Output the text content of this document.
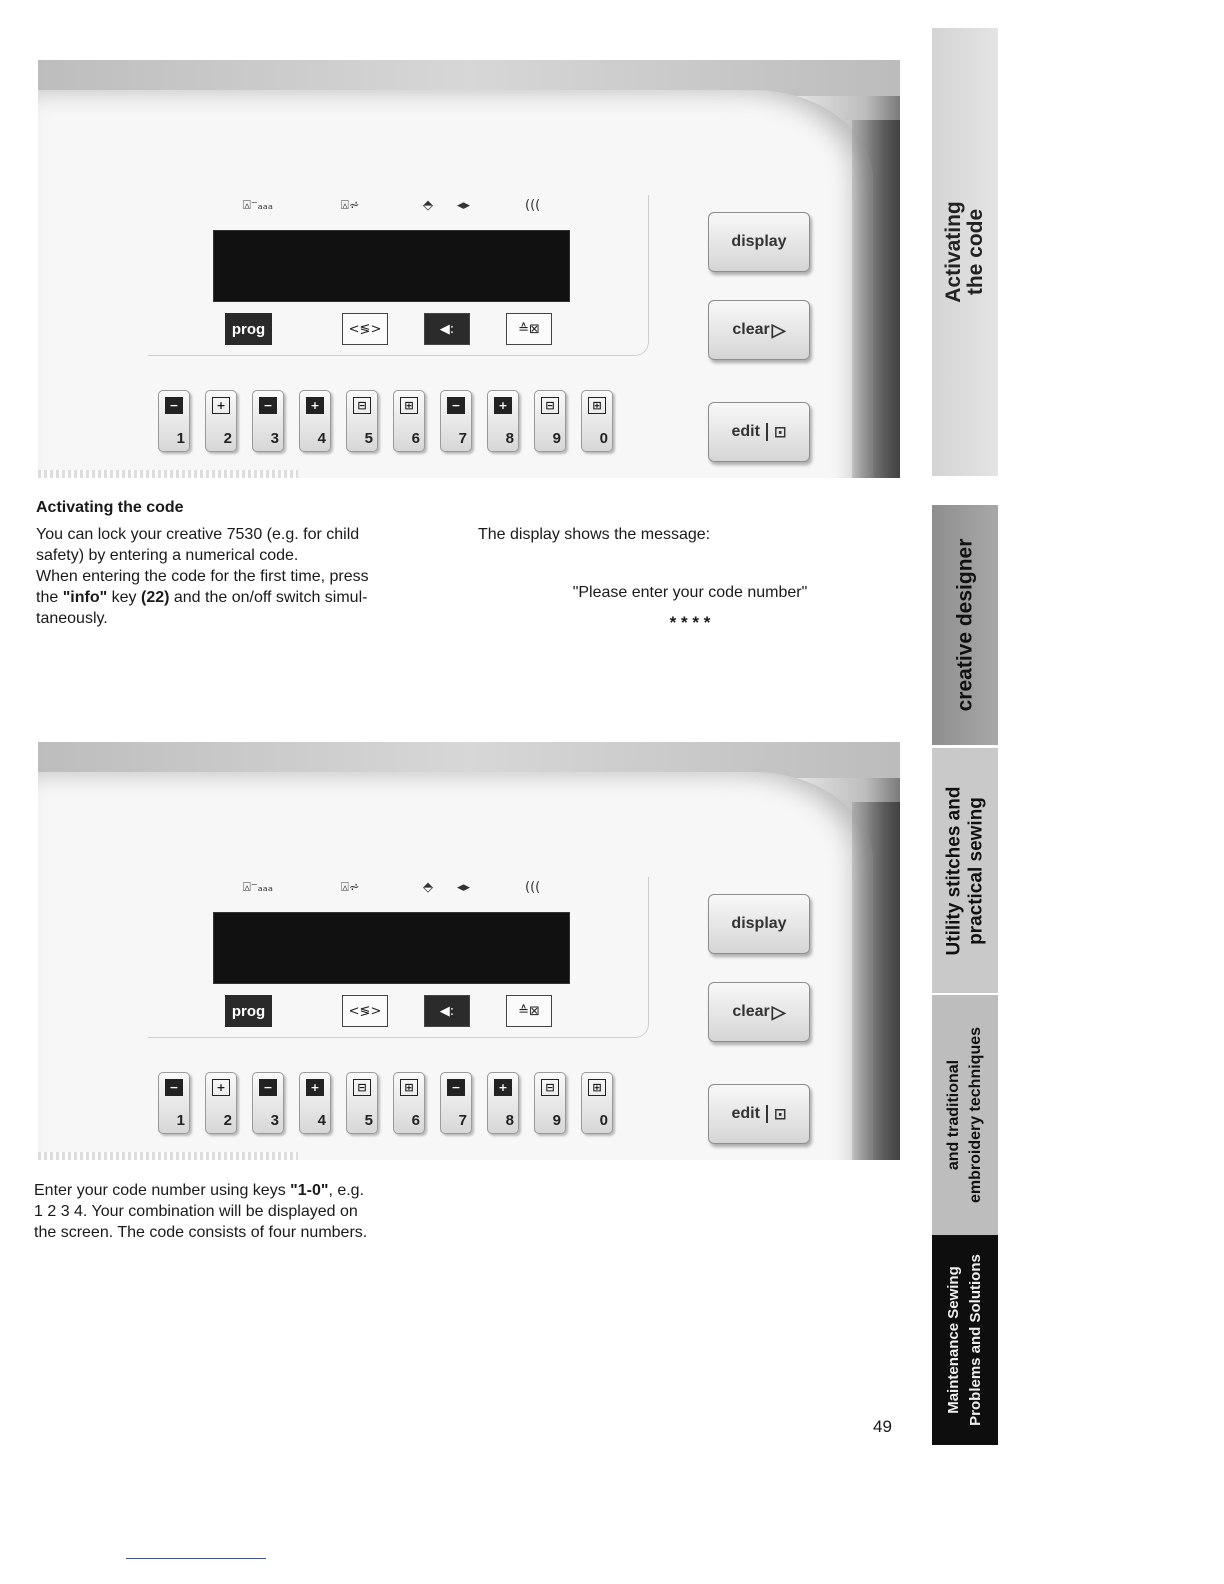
⍓⁻ₐₐₐ	⍓⩫	⬘ ◂▸	(((
prog	<≶>	◀:	≙⊠
−
1
+
2
−
3
+
4
⊟
5
⊞
6
−
7
+
8
⊟
9
⊞
0
display
clear ▷
edit ⊡
Activating the code
You can lock your creative 7530 (e.g. for child
safety) by entering a numerical code.
When entering the code for the first time, press
the "info" key (22) and the on/off switch simul-
taneously.
The display shows the message:
"Please enter your code number"
* * * *
⍓⁻ₐₐₐ	⍓⩫	⬘ ◂▸	(((
prog	<≶>	◀:	≙⊠
−
1
+
2
−
3
+
4
⊟
5
⊞
6
−
7
+
8
⊟
9
⊞
0
display
clear ▷
edit ⊡
Enter your code number using keys "1-0", e.g.
1 2 3 4. Your combination will be displayed on
the screen. The code consists of four numbers.
Activating the code
creative designer
Utility stitches and practical sewing
and traditional embroidery techniques
Maintenance Sewing Problems and Solutions
49
